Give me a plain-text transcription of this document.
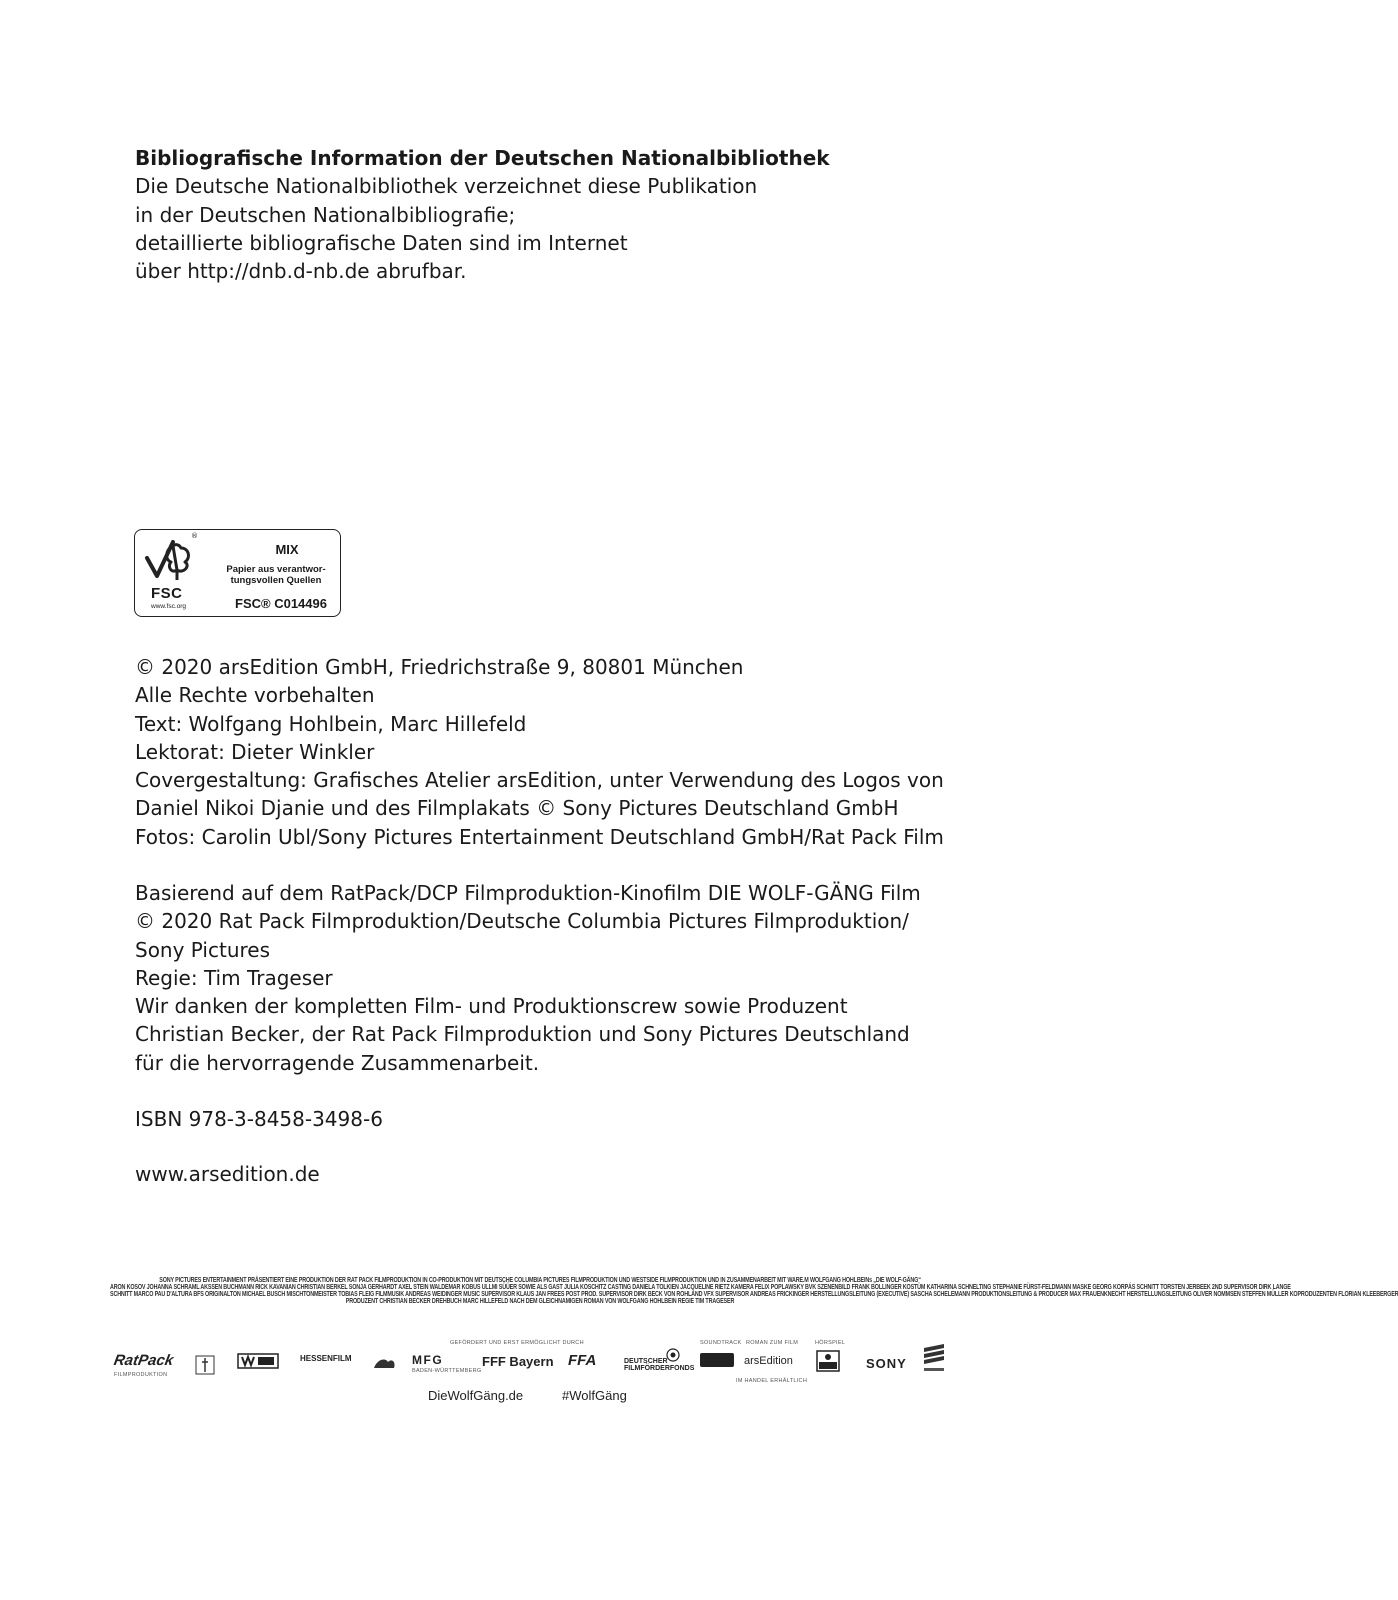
Bibliografische Information der Deutschen Nationalbibliothek

Die Deutsche Nationalbibliothek verzeichnet diese Publikation

in der Deutschen Nationalbibliografie;

detaillierte bibliografische Daten sind im Internet

über http://dnb.d-nb.de abrufbar.

®
FSC
www.fsc.org
MIX
Papier aus verantwor-
tungsvollen Quellen
FSC® C014496

© 2020 arsEdition GmbH, Friedrichstraße 9, 80801 München

Alle Rechte vorbehalten

Text: Wolfgang Hohlbein, Marc Hillefeld

Lektorat: Dieter Winkler

Covergestaltung: Grafisches Atelier arsEdition, unter Verwendung des Logos von

Daniel Nikoi Djanie und des Filmplakats © Sony Pictures Deutschland GmbH

Fotos: Carolin Ubl/Sony Pictures Entertainment Deutschland GmbH/Rat Pack Film

Basierend auf dem RatPack/DCP Filmproduktion-Kinofilm DIE WOLF-GÄNG Film

© 2020 Rat Pack Filmproduktion/Deutsche Columbia Pictures Filmproduktion/

Sony Pictures

Regie: Tim Trageser

Wir danken der kompletten Film- und Produktionscrew sowie Produzent

Christian Becker, der Rat Pack Filmproduktion und Sony Pictures Deutschland

für die hervorragende Zusammenarbeit.

ISBN 978-3-8458-3498-6

www.arsedition.de

SONY PICTURES ENTERTAINMENT PRÄSENTIERT EINE PRODUKTION DER RAT PACK FILMPRODUKTION IN CO-PRODUKTION MIT DEUTSCHE COLUMBIA PICTURES FILMPRODUKTION UND WESTSIDE FILMPRODUKTION UND IN ZUSAMMENARBEIT MIT WARE.M WOLFGANG HOHLBEINs „DIE WOLF-GÄNG“

ARON KOSOV JOHANNA SCHRAML AKSSEN BUCHMANN RICK KAVANIAN CHRISTIAN BERKEL SONJA GERHARDT AXEL STEIN WALDEMAR KOBUS ULLMI SÜÜER SOWIE ALS GAST JULIA KOSCHITZ CASTING DANIELA TOLKIEN JACQUELINE RIETZ KAMERA FELIX POPLAWSKY BVK SZENENBILD FRANK BOLLINGER KOSTÜM KATHARINA SCHNELTING STEPHANIE FÜRST-FELDMANN MASKE GEORG KORPÁS SCHNITT TORSTEN JERBEEK 2ND SUPERVISOR DIRK LANGE

SCHNITT MARCO PAU D'ALTURA BFS ORIGINALTON MICHAEL BUSCH MISCHTONMEISTER TOBIAS FLEIG FILMMUSIK ANDREAS WEIDINGER MUSIC SUPERVISOR KLAUS JAN FREES POST PROD. SUPERVISOR DIRK BECK VON ROHLAND VFX SUPERVISOR ANDREAS FRICKINGER HERSTELLUNGSLEITUNG (EXECUTIVE) SASCHA SCHELEMANN PRODUKTIONSLEITUNG & PRODUCER MAX FRAUENKNECHT HERSTELLUNGSLEITUNG OLIVER NOMMSEN STEFFEN MÜLLER KOPRODUZENTEN FLORIAN KLEEBERGER

PRODUZENT CHRISTIAN BECKER DREHBUCH MARC HILLEFELD NACH DEM GLEICHNAMIGEN ROMAN VON WOLFGANG HOHLBEIN REGIE TIM TRAGESER

GEFÖRDERT UND ERST ERMÖGLICHT DURCH	SOUNDTRACK ROMAN ZUM FILM	HÖRSPIEL
RatPack
FILMPRODUKTION
HESSENFILM	MFG
BADEN-WÜRTTEMBERG
FFF Bayern FFA	DEUTSCHER
FILMFÖRDERFONDS
arsEdition
IM HANDEL ERHÄLTLICH
SONY
DieWolfGäng.de	#WolfGäng
